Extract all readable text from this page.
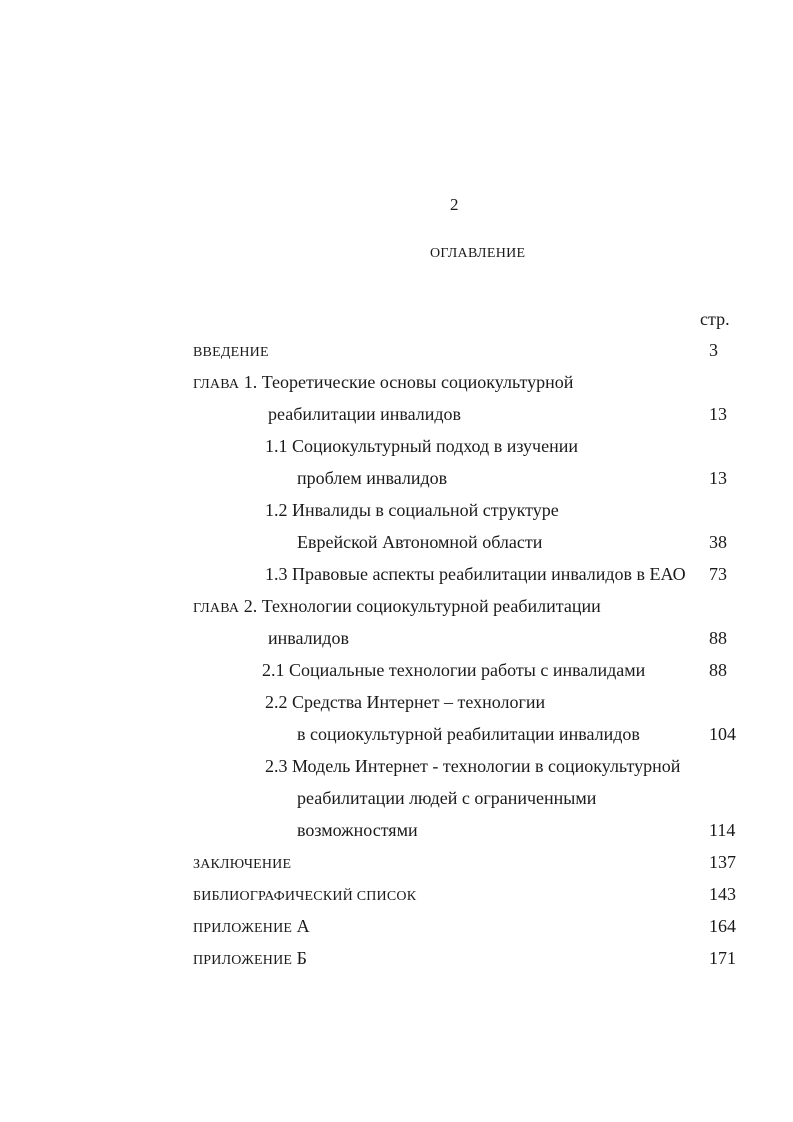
2
ОГЛАВЛЕНИЕ
стр.
ВВЕДЕНИЕ	3
ГЛАВА 1. Теоретические основы социокультурной
реабилитации инвалидов	13
1.1 Социокультурный подход в изучении
проблем инвалидов	13
1.2 Инвалиды в социальной структуре
Еврейской Автономной области	38
1.3 Правовые аспекты реабилитации инвалидов в ЕАО 73
ГЛАВА 2. Технологии социокультурной реабилитации
инвалидов	88
2.1 Социальные технологии работы с инвалидами	88
2.2 Средства Интернет – технологии
в социокультурной реабилитации инвалидов	104
2.3 Модель Интернет - технологии в социокультурной
реабилитации людей с ограниченными
возможностями	114
ЗАКЛЮЧЕНИЕ	137
БИБЛИОГРАФИЧЕСКИЙ СПИСОК	143
ПРИЛОЖЕНИЕ А	164
ПРИЛОЖЕНИЕ Б	171
